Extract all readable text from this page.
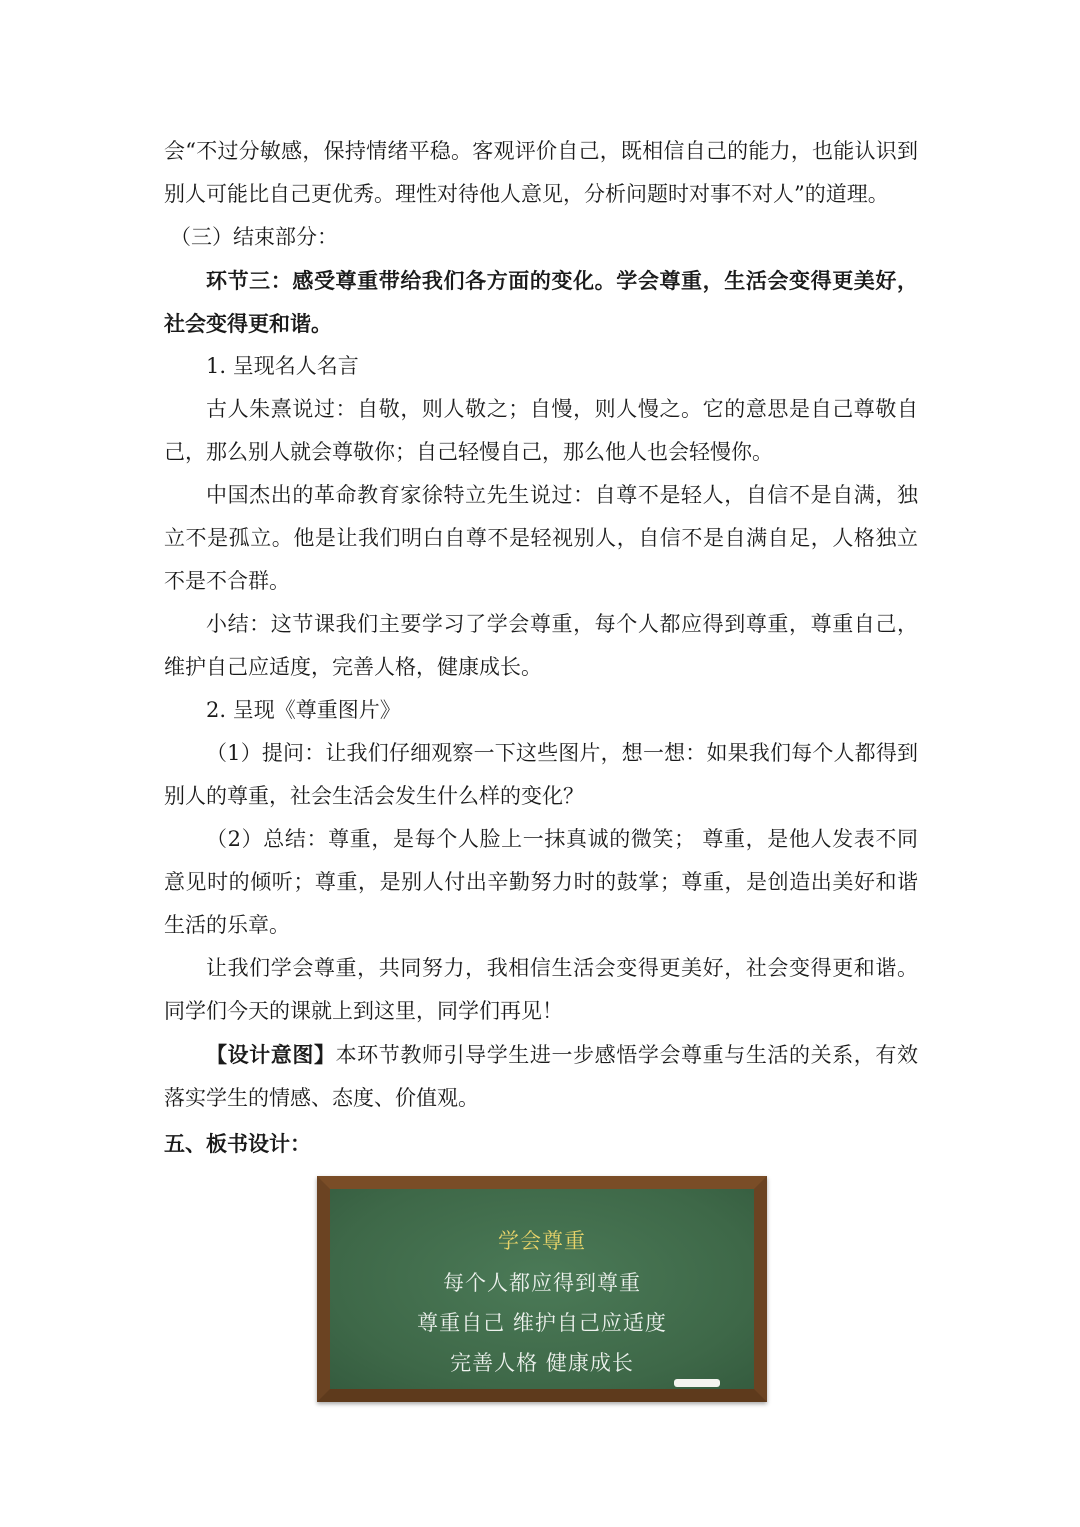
会“不过分敏感，保持情绪平稳。客观评价自己，既相信自己的能力，也能认识到别人可能比自己更优秀。理性对待他人意见，分析问题时对事不对人”的道理。

（三）结束部分：

环节三：感受尊重带给我们各方面的变化。学会尊重，生活会变得更美好，社会变得更和谐。

1. 呈现名人名言

古人朱熹说过：自敬，则人敬之；自慢，则人慢之。它的意思是自己尊敬自己，那么别人就会尊敬你；自己轻慢自己，那么他人也会轻慢你。

中国杰出的革命教育家徐特立先生说过：自尊不是轻人，自信不是自满，独立不是孤立。他是让我们明白自尊不是轻视别人，自信不是自满自足，人格独立不是不合群。

小结：这节课我们主要学习了学会尊重，每个人都应得到尊重，尊重自己，维护自己应适度，完善人格，健康成长。

2. 呈现《尊重图片》

（1）提问：让我们仔细观察一下这些图片，想一想：如果我们每个人都得到别人的尊重，社会生活会发生什么样的变化？

（2）总结：尊重，是每个人脸上一抹真诚的微笑； 尊重，是他人发表不同意见时的倾听；尊重，是别人付出辛勤努力时的鼓掌；尊重，是创造出美好和谐生活的乐章。

让我们学会尊重，共同努力，我相信生活会变得更美好，社会变得更和谐。同学们今天的课就上到这里，同学们再见！

【设计意图】本环节教师引导学生进一步感悟学会尊重与生活的关系，有效落实学生的情感、态度、价值观。

五、板书设计：

学会尊重
每个人都应得到尊重
尊重自己 维护自己应适度
完善人格 健康成长
